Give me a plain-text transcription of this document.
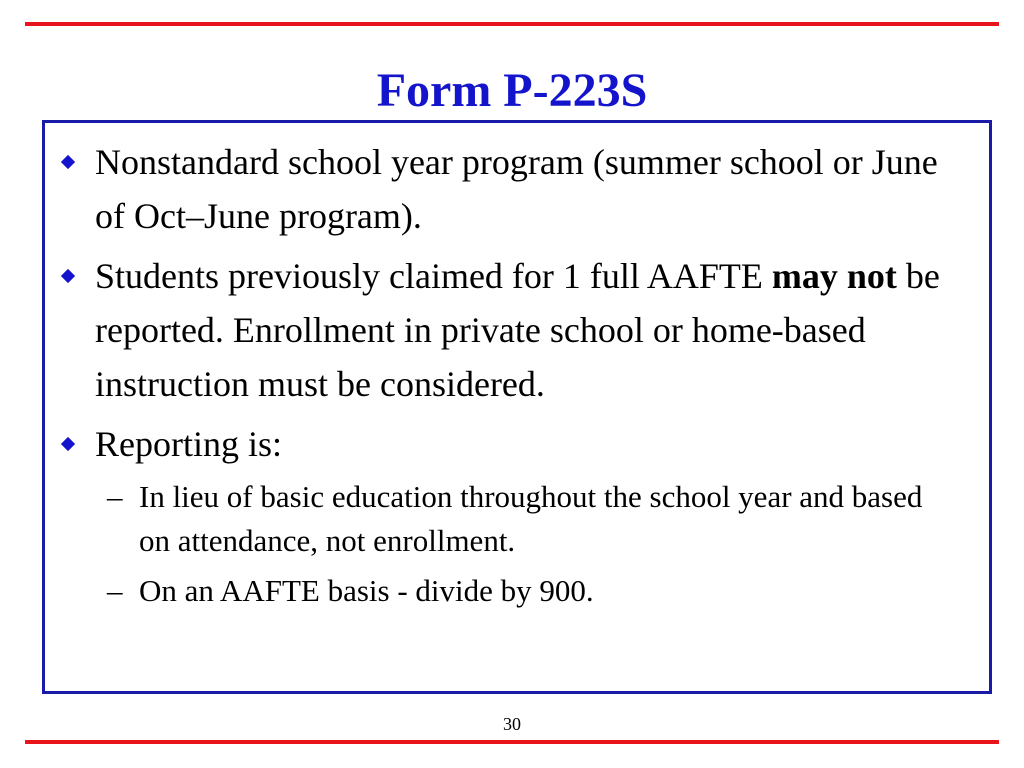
Form P-223S
Nonstandard school year program (summer school or June of Oct–June program).
Students previously claimed for 1 full AAFTE may not be reported. Enrollment in private school or home-based instruction must be considered.
Reporting is:
– In lieu of basic education throughout the school year and based on attendance, not enrollment.
– On an AAFTE basis - divide by 900.
30
